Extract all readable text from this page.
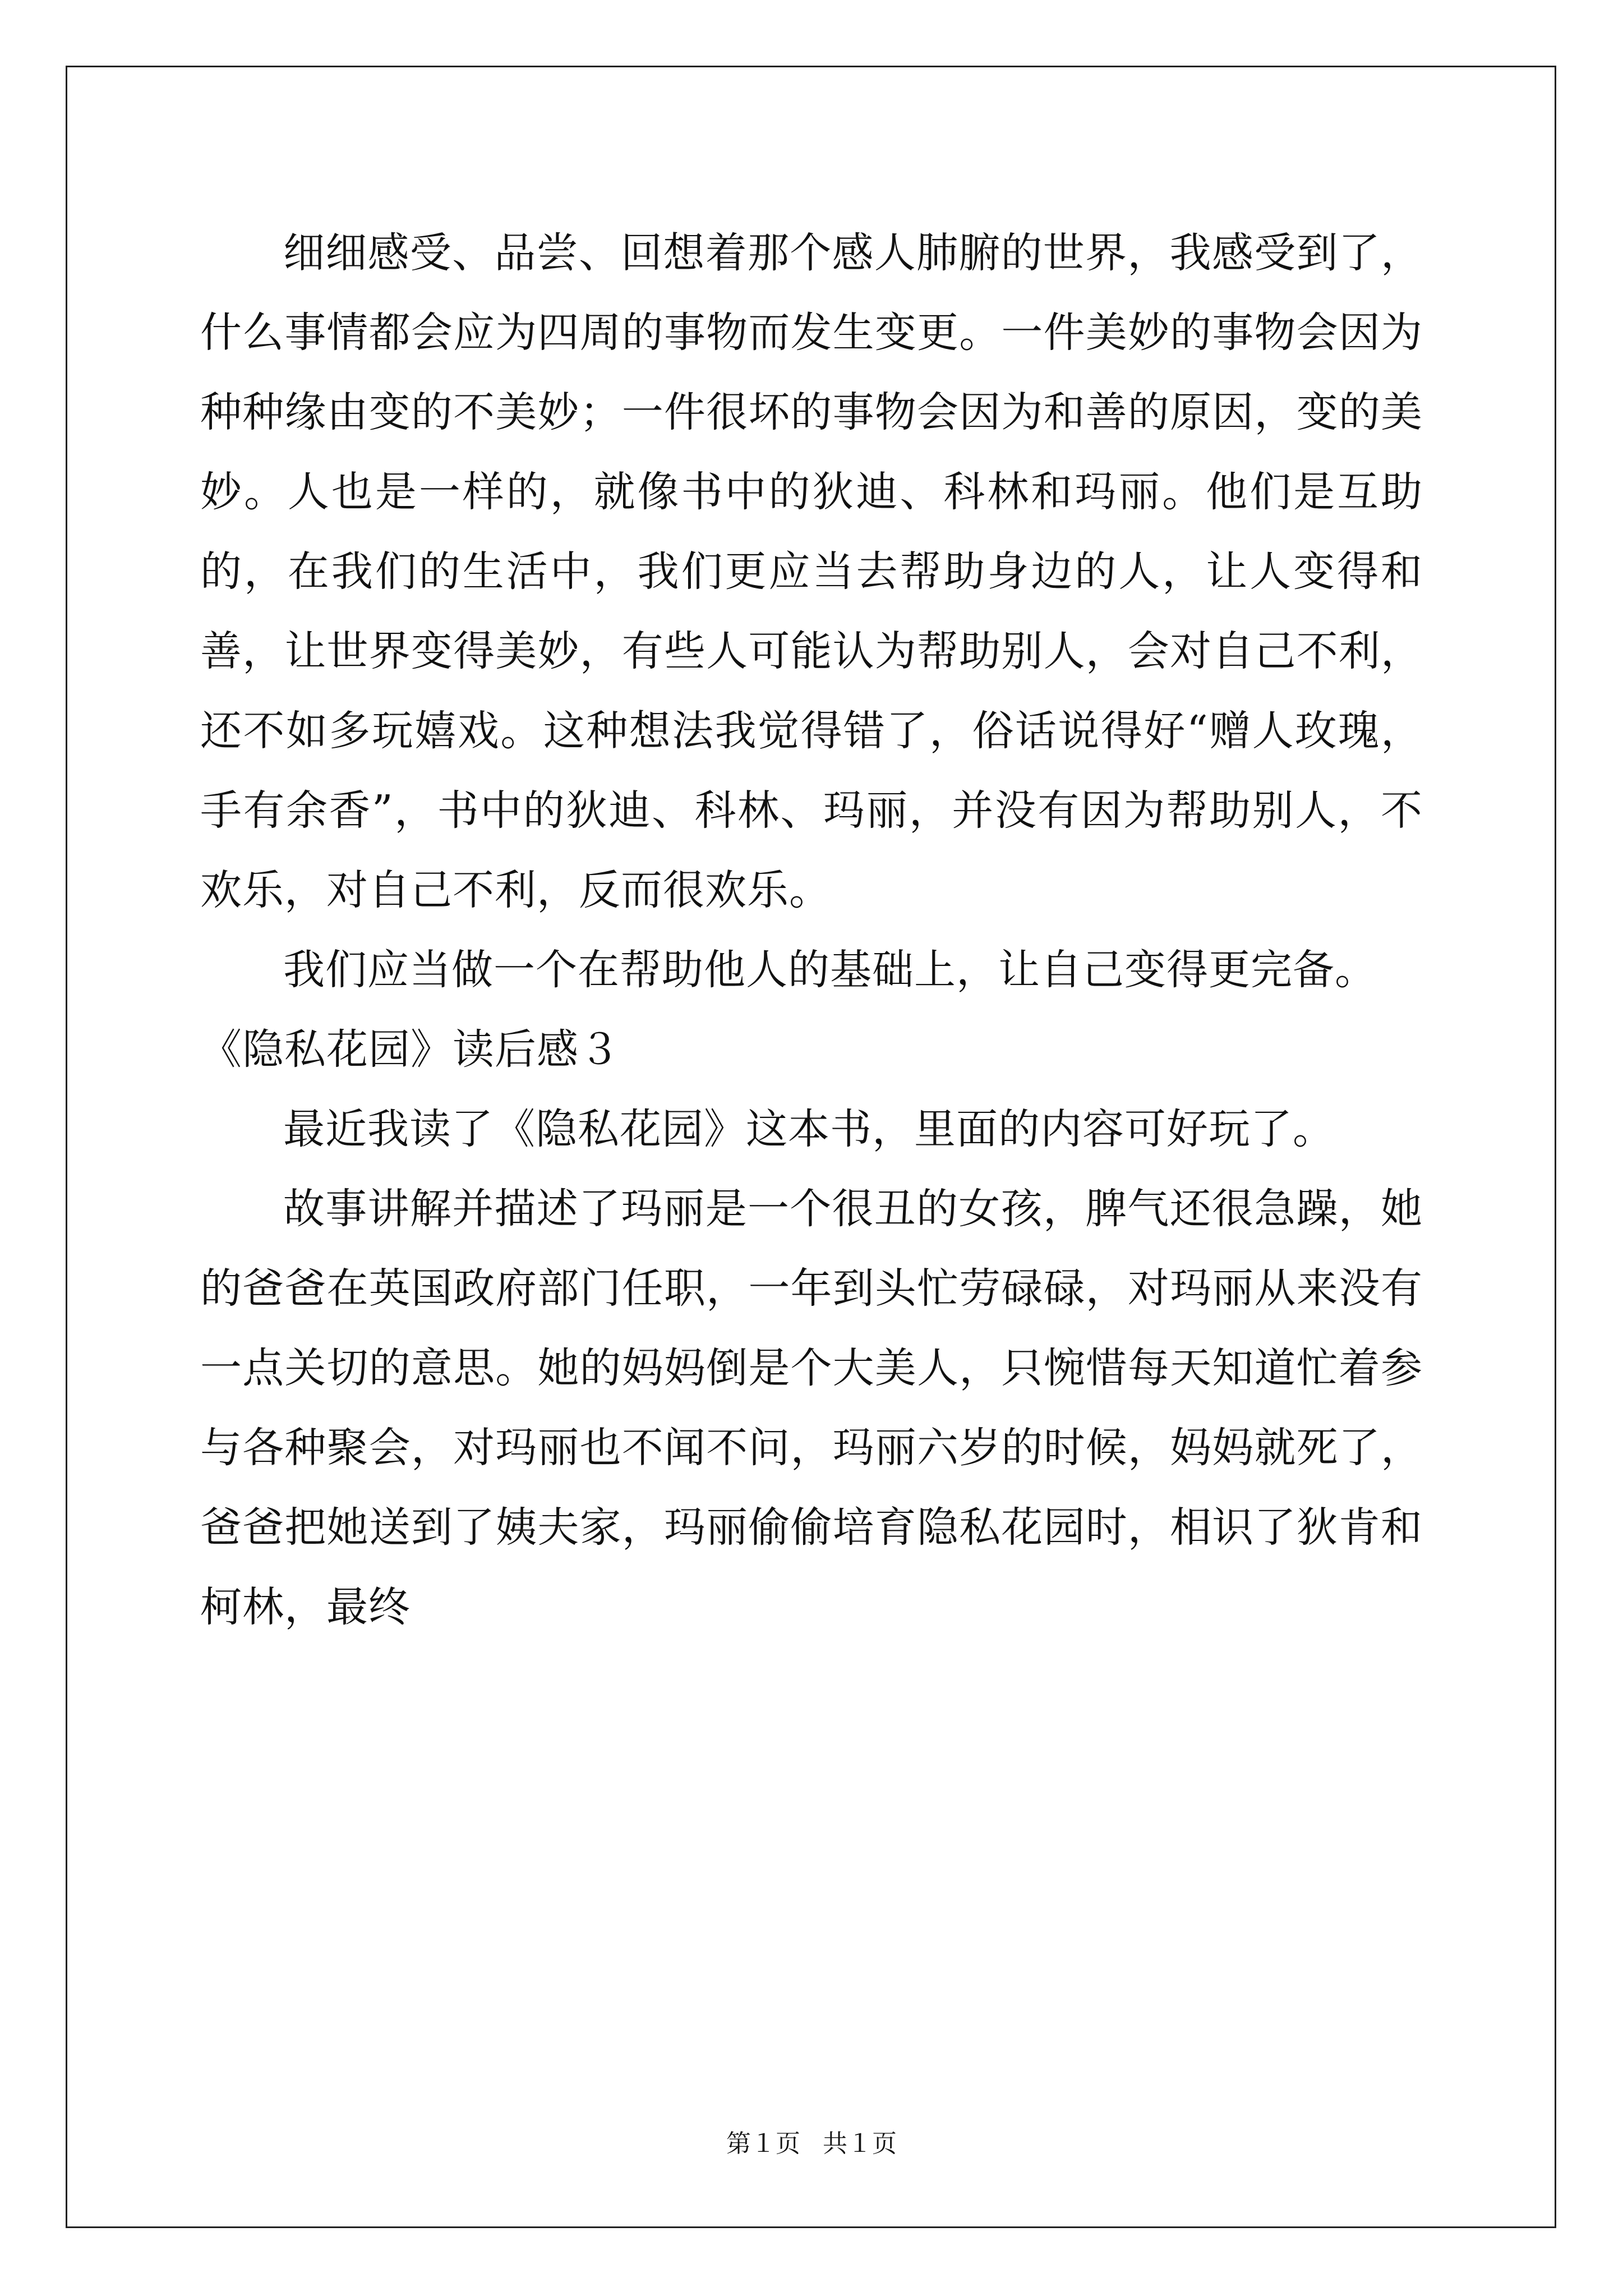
细细感受、品尝、回想着那个感人肺腑的世界，我感受到了，什么事情都会应为四周的事物而发生变更。一件美妙的事物会因为种种缘由变的不美妙；一件很坏的事物会因为和善的原因，变的美妙。人也是一样的，就像书中的狄迪、科林和玛丽。他们是互助的，在我们的生活中，我们更应当去帮助身边的人，让人变得和善，让世界变得美妙，有些人可能认为帮助别人，会对自己不利，还不如多玩嬉戏。这种想法我觉得错了，俗话说得好“赠人玫瑰，手有余香”，书中的狄迪、科林、玛丽，并没有因为帮助别人，不欢乐，对自己不利，反而很欢乐。

我们应当做一个在帮助他人的基础上，让自己变得更完备。

《隐私花园》读后感３

最近我读了《隐私花园》这本书，里面的内容可好玩了。

故事讲解并描述了玛丽是一个很丑的女孩，脾气还很急躁，她的爸爸在英国政府部门任职，一年到头忙劳碌碌，对玛丽从来没有一点关切的意思。她的妈妈倒是个大美人，只惋惜每天知道忙着参与各种聚会，对玛丽也不闻不问，玛丽六岁的时候，妈妈就死了，爸爸把她送到了姨夫家，玛丽偷偷培育隐私花园时，相识了狄肯和柯林，最终

第１页 共１页
